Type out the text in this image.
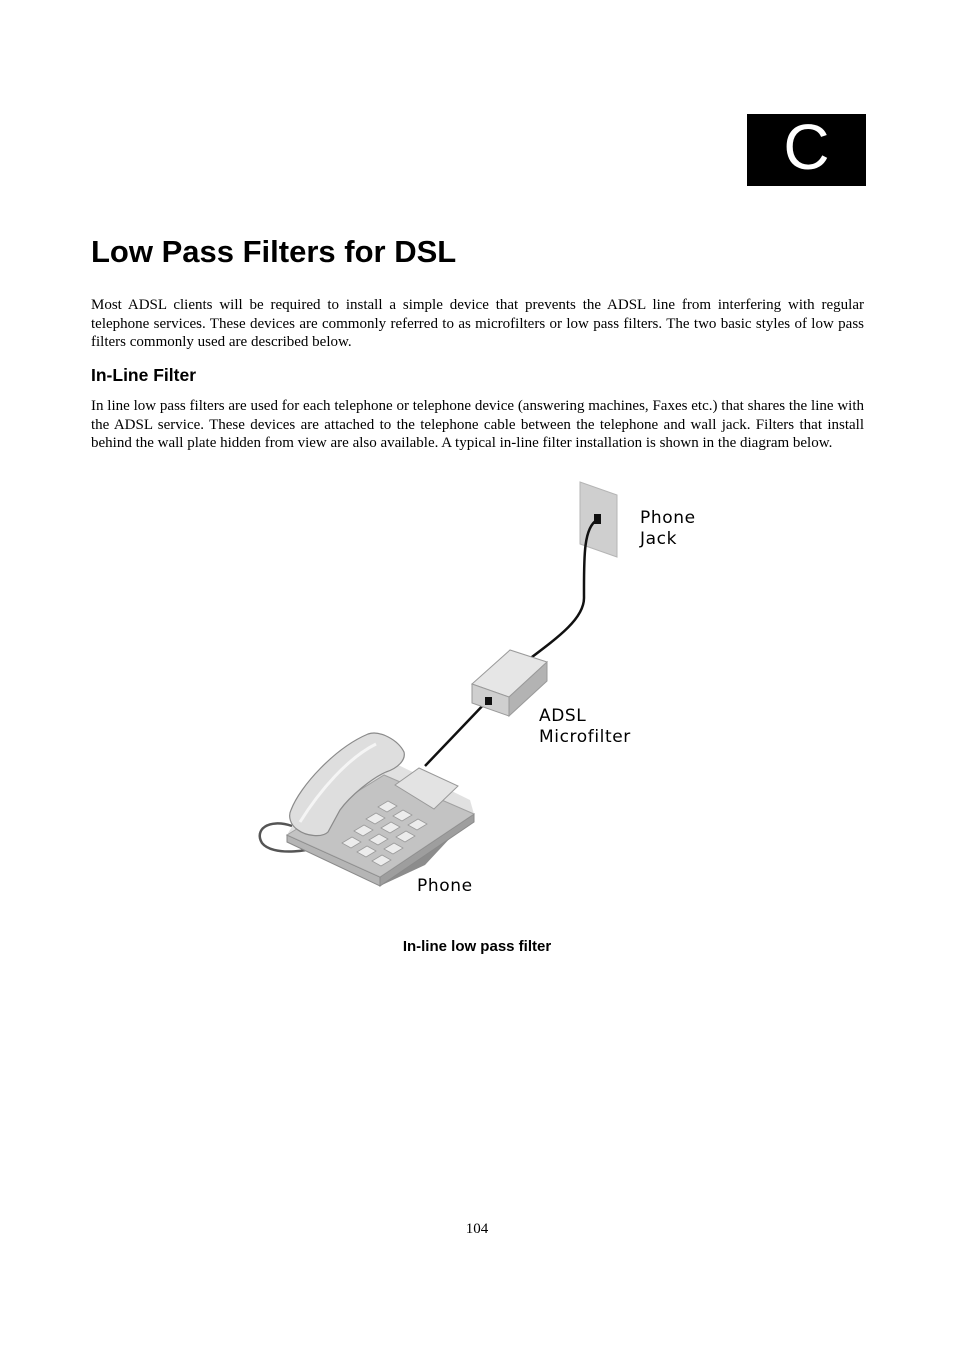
C
Low Pass Filters for DSL

Most ADSL clients will be required to install a simple device that prevents the ADSL line from interfering with regular telephone services. These devices are commonly referred to as microfilters or low pass filters. The two basic styles of low pass filters commonly used are described below.

In-Line Filter

In line low pass filters are used for each telephone or telephone device (answering machines, Faxes etc.) that shares the line with the ADSL service. These devices are attached to the telephone cable between the telephone and wall jack. Filters that install behind the wall plate hidden from view are also available. A typical in-line filter installation is shown in the diagram below.

Phone
Jack
ADSL
Microfilter
Phone
In-line low pass filter
104
